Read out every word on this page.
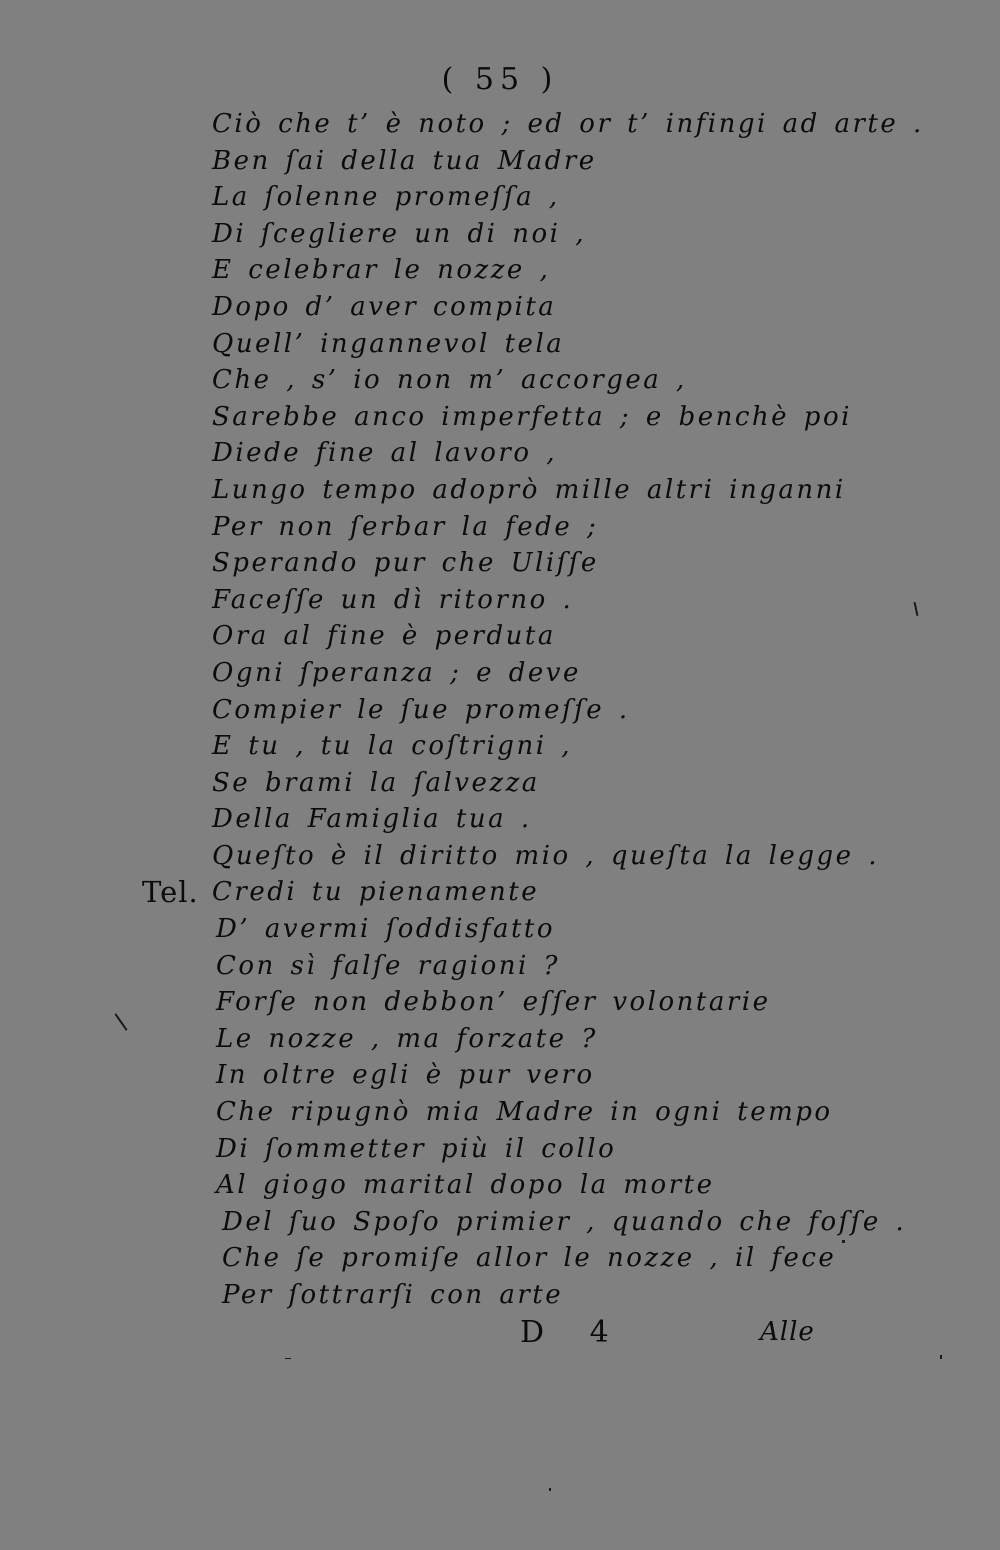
( 55 )
Ciò che t’ è noto ; ed or t’ infingi ad arte .
Ben ſai della tua Madre
La ſolenne promeſſa ,
Di ſcegliere un di noi ,
E celebrar le nozze ,
Dopo d’ aver compita
Quell’ ingannevol tela
Che , s’ io non m’ accorgea ,
Sarebbe anco imperfetta ; e benchè poi
Diede fine al lavoro ,
Lungo tempo adoprò mille altri inganni
Per non ſerbar la fede ;
Sperando pur che Uliſſe
Faceſſe un dì ritorno .
Ora al fine è perduta
Ogni ſperanza ; e deve
Compier le ſue promeſſe .
E tu , tu la coſtrigni ,
Se brami la ſalvezza
Della Famiglia tua .
Queſto è il diritto mio , queſta la legge .
Tel. Credi tu pienamente
D’ avermi ſoddisfatto
Con sì falſe ragioni ?
Forſe non debbon’ eſſer volontarie
Le nozze , ma forzate ?
In oltre egli è pur vero
Che ripugnò mia Madre in ogni tempo
Di ſommetter più il collo
Al giogo marital dopo la morte
Del ſuo Spoſo primier , quando che foſſe .
Che ſe promiſe allor le nozze , il fece
Per ſottrarſi con arte
D 4	Alle
